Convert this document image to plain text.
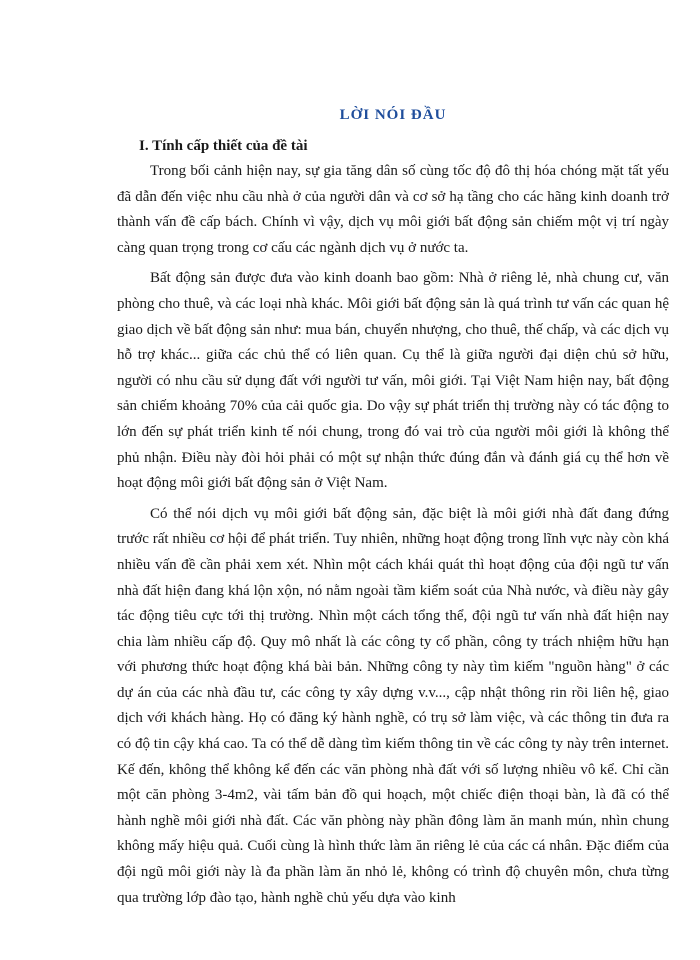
LỜI NÓI ĐẦU
I. Tính cấp thiết của đề tài

Trong bối cảnh hiện nay, sự gia tăng dân số cùng tốc độ đô thị hóa chóng mặt tất yếu đã dẫn đến việc nhu cầu nhà ở của người dân và cơ sở hạ tầng cho các hãng kinh doanh trở thành vấn đề cấp bách. Chính vì vậy, dịch vụ môi giới bất động sản chiếm một vị trí ngày càng quan trọng trong cơ cấu các ngành dịch vụ ở nước ta.

Bất động sản được đưa vào kinh doanh bao gồm: Nhà ở riêng lẻ, nhà chung cư, văn phòng cho thuê, và các loại nhà khác. Môi giới bất động sản là quá trình tư vấn các quan hệ giao dịch về bất động sản như: mua bán, chuyển nhượng, cho thuê, thế chấp, và các dịch vụ hỗ trợ khác... giữa các chủ thể có liên quan. Cụ thể là giữa người đại diện chủ sở hữu, người có nhu cầu sử dụng đất với người tư vấn, môi giới. Tại Việt Nam hiện nay, bất động sản chiếm khoảng 70% của cải quốc gia. Do vậy sự phát triển thị trường này có tác động to lớn đến sự phát triển kinh tế nói chung, trong đó vai trò của người môi giới là không thể phủ nhận. Điều này đòi hỏi phải có một sự nhận thức đúng đắn và đánh giá cụ thể hơn về hoạt động môi giới bất động sản ở Việt Nam.

Có thể nói dịch vụ môi giới bất động sản, đặc biệt là môi giới nhà đất đang đứng trước rất nhiều cơ hội để phát triển. Tuy nhiên, những hoạt động trong lĩnh vực này còn khá nhiều vấn đề cần phải xem xét. Nhìn một cách khái quát thì hoạt động của đội ngũ tư vấn nhà đất hiện đang khá lộn xộn, nó nằm ngoài tầm kiểm soát của Nhà nước, và điều này gây tác động tiêu cực tới thị trường. Nhìn một cách tổng thể, đội ngũ tư vấn nhà đất hiện nay chia làm nhiều cấp độ. Quy mô nhất là các công ty cổ phần, công ty trách nhiệm hữu hạn với phương thức hoạt động khá bài bản. Những công ty này tìm kiếm "nguồn hàng" ở các dự án của các nhà đầu tư, các công ty xây dựng v.v..., cập nhật thông rin rồi liên hệ, giao dịch với khách hàng. Họ có đăng ký hành nghề, có trụ sở làm việc, và các thông tin đưa ra có độ tin cậy khá cao. Ta có thể dễ dàng tìm kiếm thông tin về các công ty này trên internet. Kế đến, không thể không kể đến các văn phòng nhà đất với số lượng nhiều vô kể. Chỉ cần một căn phòng 3-4m2, vài tấm bản đồ qui hoạch, một chiếc điện thoại bàn, là đã có thể hành nghề môi giới nhà đất. Các văn phòng này phần đông làm ăn manh mún, nhìn chung không mấy hiệu quả. Cuối cùng là hình thức làm ăn riêng lẻ của các cá nhân. Đặc điểm của đội ngũ môi giới này là đa phần làm ăn nhỏ lẻ, không có trình độ chuyên môn, chưa từng qua trường lớp đào tạo, hành nghề chủ yếu dựa vào kinh
